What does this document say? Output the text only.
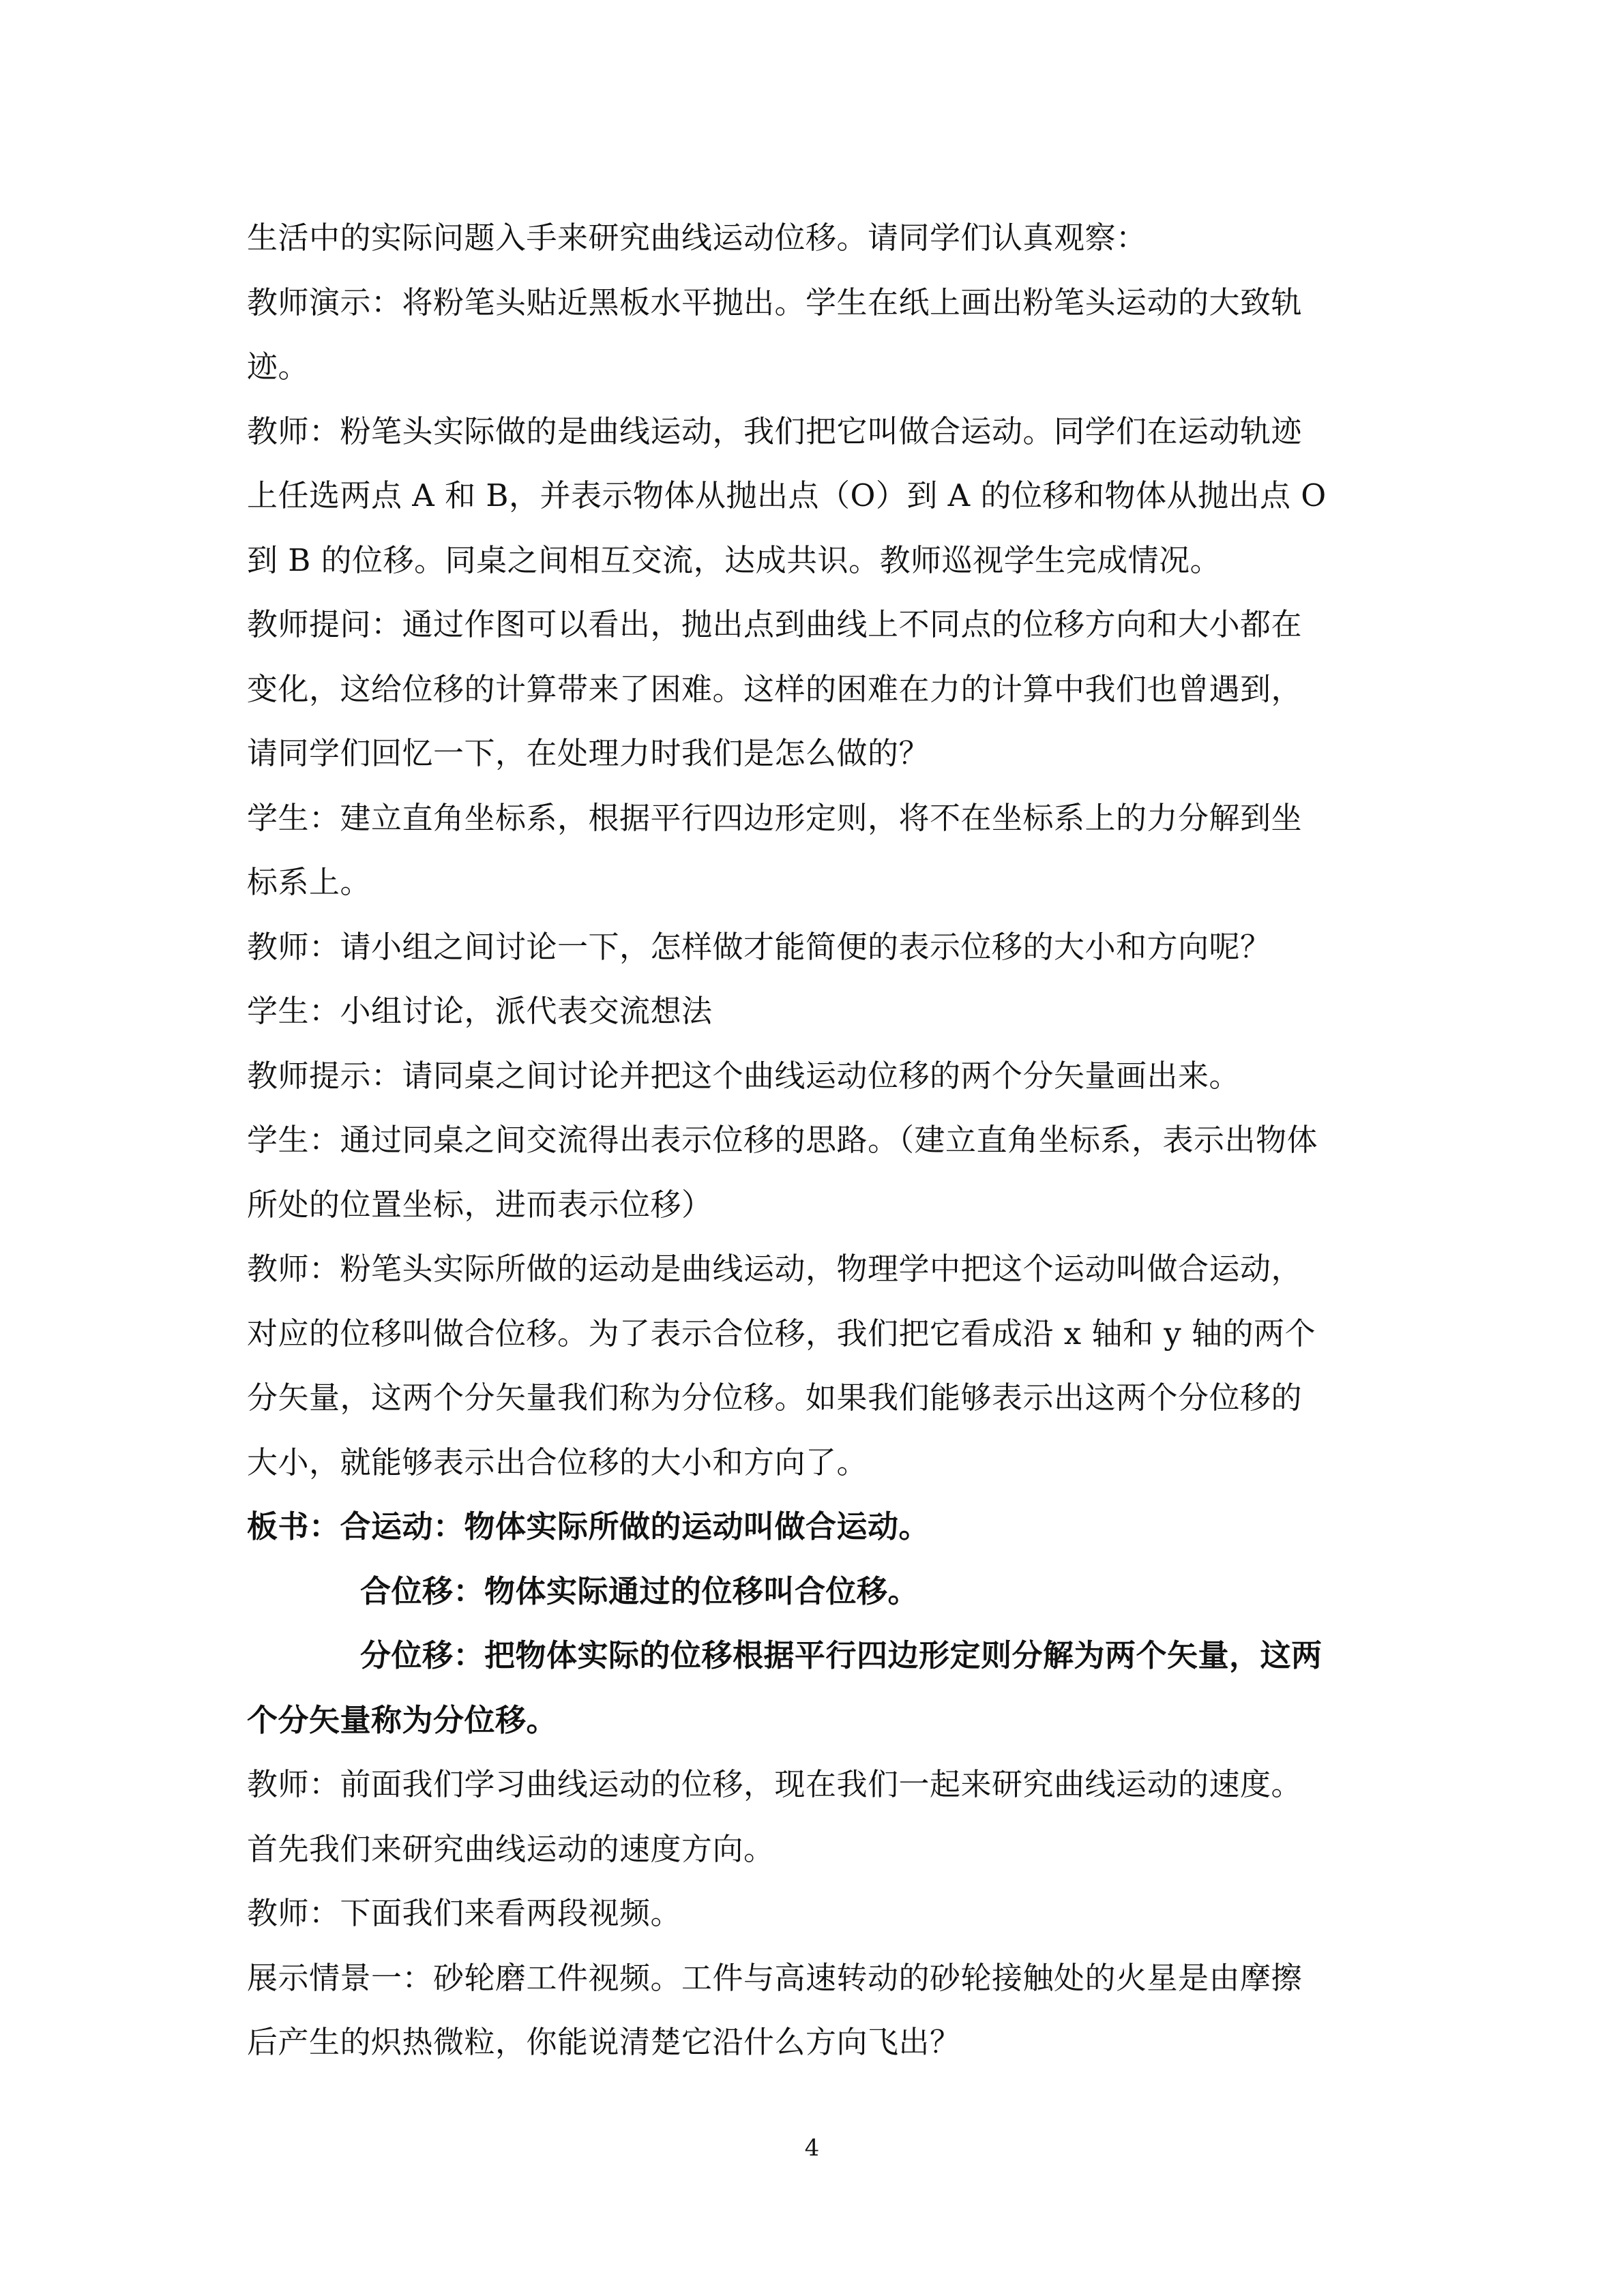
生活中的实际问题入手来研究曲线运动位移。请同学们认真观察：

教师演示：将粉笔头贴近黑板水平抛出。学生在纸上画出粉笔头运动的大致轨

迹。

教师：粉笔头实际做的是曲线运动，我们把它叫做合运动。同学们在运动轨迹

上任选两点 A 和 B，并表示物体从抛出点（O）到 A 的位移和物体从抛出点 O

到 B 的位移。同桌之间相互交流，达成共识。教师巡视学生完成情况。

教师提问：通过作图可以看出，抛出点到曲线上不同点的位移方向和大小都在

变化，这给位移的计算带来了困难。这样的困难在力的计算中我们也曾遇到，

请同学们回忆一下，在处理力时我们是怎么做的？

学生：建立直角坐标系，根据平行四边形定则，将不在坐标系上的力分解到坐

标系上。

教师：请小组之间讨论一下，怎样做才能简便的表示位移的大小和方向呢？

学生：小组讨论，派代表交流想法

教师提示：请同桌之间讨论并把这个曲线运动位移的两个分矢量画出来。

学生：通过同桌之间交流得出表示位移的思路。（建立直角坐标系，表示出物体

所处的位置坐标，进而表示位移）

教师：粉笔头实际所做的运动是曲线运动，物理学中把这个运动叫做合运动，

对应的位移叫做合位移。为了表示合位移，我们把它看成沿 x 轴和 y 轴的两个

分矢量，这两个分矢量我们称为分位移。如果我们能够表示出这两个分位移的

大小，就能够表示出合位移的大小和方向了。

板书：合运动：物体实际所做的运动叫做合运动。

合位移：物体实际通过的位移叫合位移。

分位移：把物体实际的位移根据平行四边形定则分解为两个矢量，这两

个分矢量称为分位移。

教师：前面我们学习曲线运动的位移，现在我们一起来研究曲线运动的速度。

首先我们来研究曲线运动的速度方向。

教师：下面我们来看两段视频。

展示情景一：砂轮磨工件视频。工件与高速转动的砂轮接触处的火星是由摩擦

后产生的炽热微粒，你能说清楚它沿什么方向飞出？

4
